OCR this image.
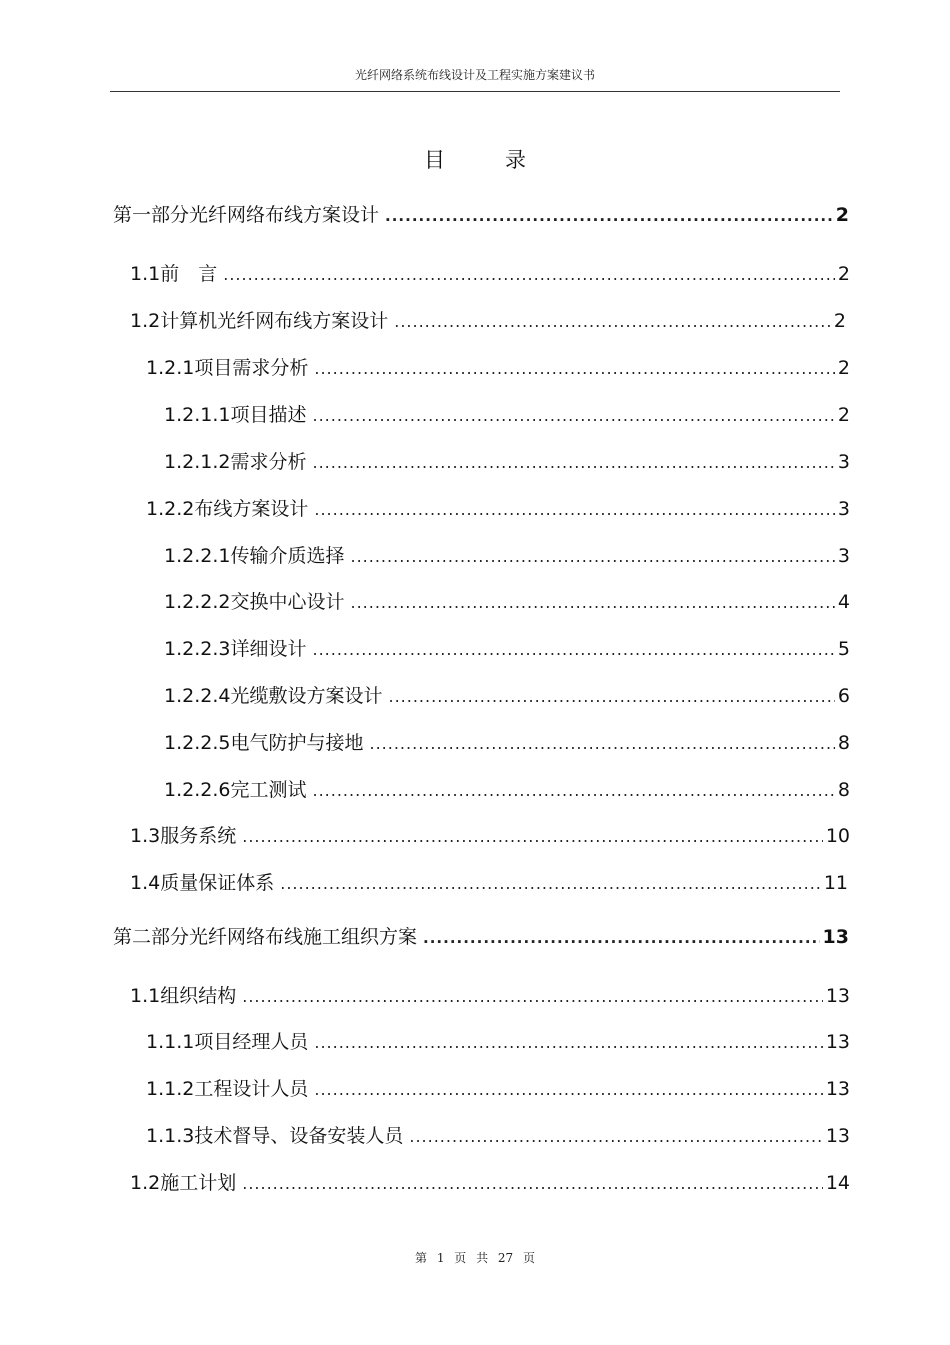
光纤网络系统布线设计及工程实施方案建议书
目	录
第一部分 光纤网络布线方案设计 .....	2
1.1 前　言 .....	2
1.2 计算机光纤网布线方案设计 .....	2
1.2.1 项目需求分析 .....	2
1.2.1.1 项目描述 .....	2
1.2.1.2 需求分析 .....	3
1.2.2 布线方案设计 .....	3
1.2.2.1 传输介质选择 .....	3
1.2.2.2 交换中心设计 .....	4
1.2.2.3 详细设计 .....	5
1.2.2.4 光缆敷设方案设计 .....	6
1.2.2.5 电气防护与接地 .....	8
1.2.2.6 完工测试 .....	8
1.3 服务系统 .....	10
1.4 质量保证体系 .....	11
第二部分 光纤网络布线施工组织方案 .....	13
1.1 组织结构 .....	13
1.1.1 项目经理人员 .....	13
1.1.2 工程设计人员 .....	13
1.1.3 技术督导、设备安装人员 .....	13
1.2 施工计划 .....	14
第 1 页 共 27 页
